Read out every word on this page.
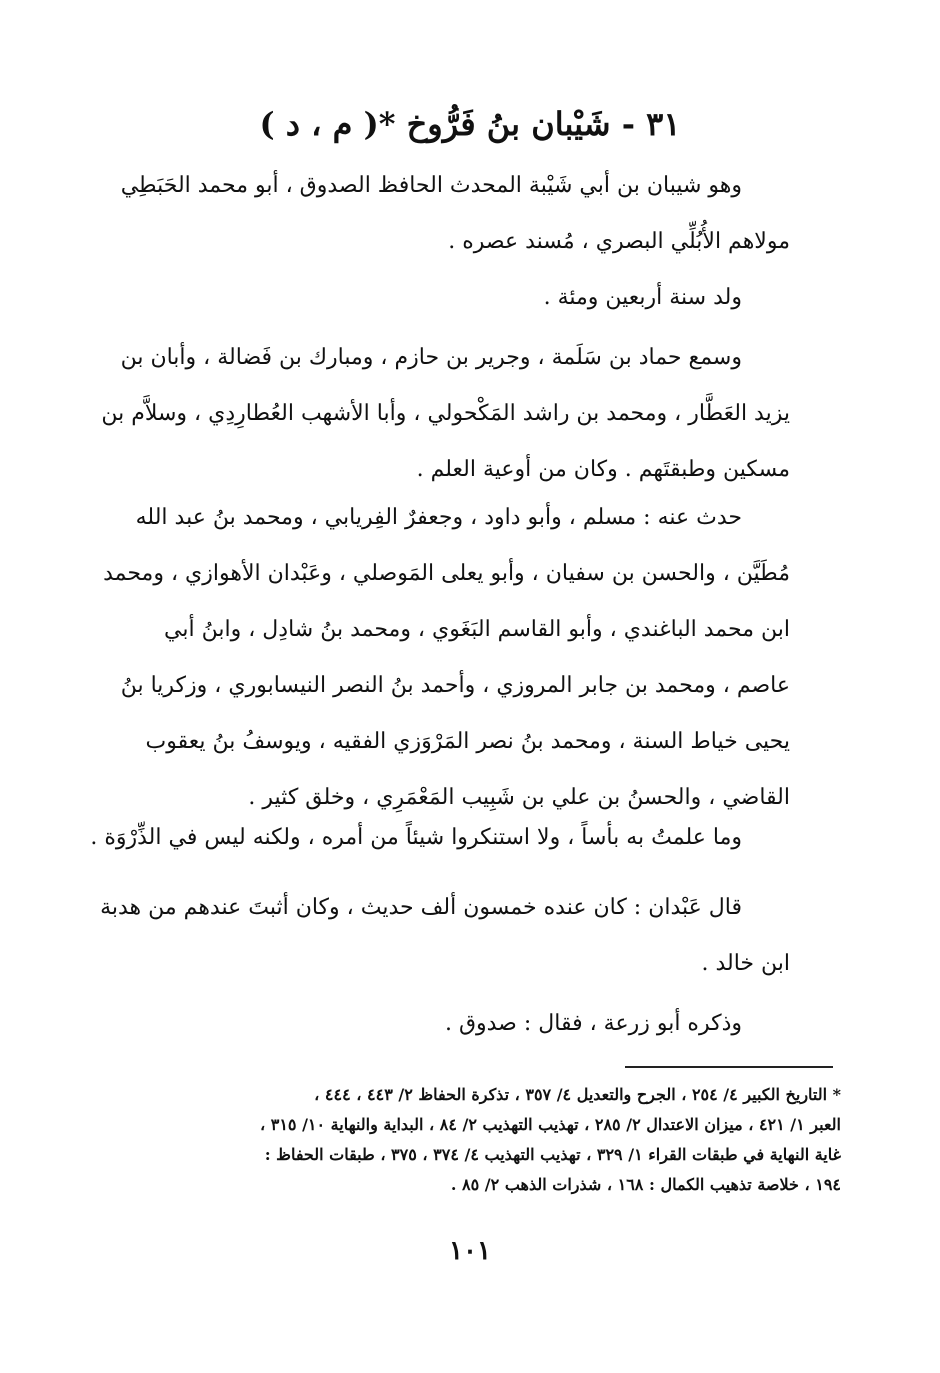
٣١ - شَيْبان بنُ فَرُّوخ *( م ، د )

وهو شيبان بن أبي شَيْبة المحدث الحافظ الصدوق ، أبو محمد الحَبَطِي
مولاهم الأُبُلِّي البصري ، مُسند عصره .

ولد سنة أربعين ومئة .

وسمع حماد بن سَلَمة ، وجرير بن حازم ، ومبارك بن فَضالة ، وأبان بن
يزيد العَطَّار ، ومحمد بن راشد المَكْحولي ، وأبا الأشهب العُطارِدِي ، وسلاَّم بن
مسكين وطبقتَهم . وكان من أوعية العلم .

حدث عنه : مسلم ، وأبو داود ، وجعفرٌ الفِريابي ، ومحمد بنُ عبد الله
مُطَيَّن ، والحسن بن سفيان ، وأبو يعلى المَوصلي ، وعَبْدان الأهوازي ، ومحمد
ابن محمد الباغندي ، وأبو القاسم البَغَوي ، ومحمد بنُ شادِل ، وابنُ أبي
عاصم ، ومحمد بن جابر المروزي ، وأحمد بنُ النصر النيسابوري ، وزكريا بنُ
يحيى خياط السنة ، ومحمد بنُ نصر المَرْوَزي الفقيه ، ويوسفُ بنُ يعقوب
القاضي ، والحسنُ بن علي بن شَبِيب المَعْمَرِي ، وخلق كثير .

وما علمتُ به بأساً ، ولا استنكروا شيئاً من أمره ، ولكنه ليس في الذِّرْوَة .

قال عَبْدان : كان عنده خمسون ألف حديث ، وكان أثبتَ عندهم من هدبة
ابن خالد .

وذكره أبو زرعة ، فقال : صدوق .

* التاريخ الكبير ٤/ ٢٥٤ ، الجرح والتعديل ٤/ ٣٥٧ ، تذكرة الحفاظ ٢/ ٤٤٣ ، ٤٤٤ ،
العبر ١/ ٤٢١ ، ميزان الاعتدال ٢/ ٢٨٥ ، تهذيب التهذيب ٢/ ٨٤ ، البداية والنهاية ١٠/ ٣١٥ ،
غاية النهاية في طبقات القراء ١/ ٣٢٩ ، تهذيب التهذيب ٤/ ٣٧٤ ، ٣٧٥ ، طبقات الحفاظ :
١٩٤ ، خلاصة تذهيب الكمال : ١٦٨ ، شذرات الذهب ٢/ ٨٥ .
١٠١
